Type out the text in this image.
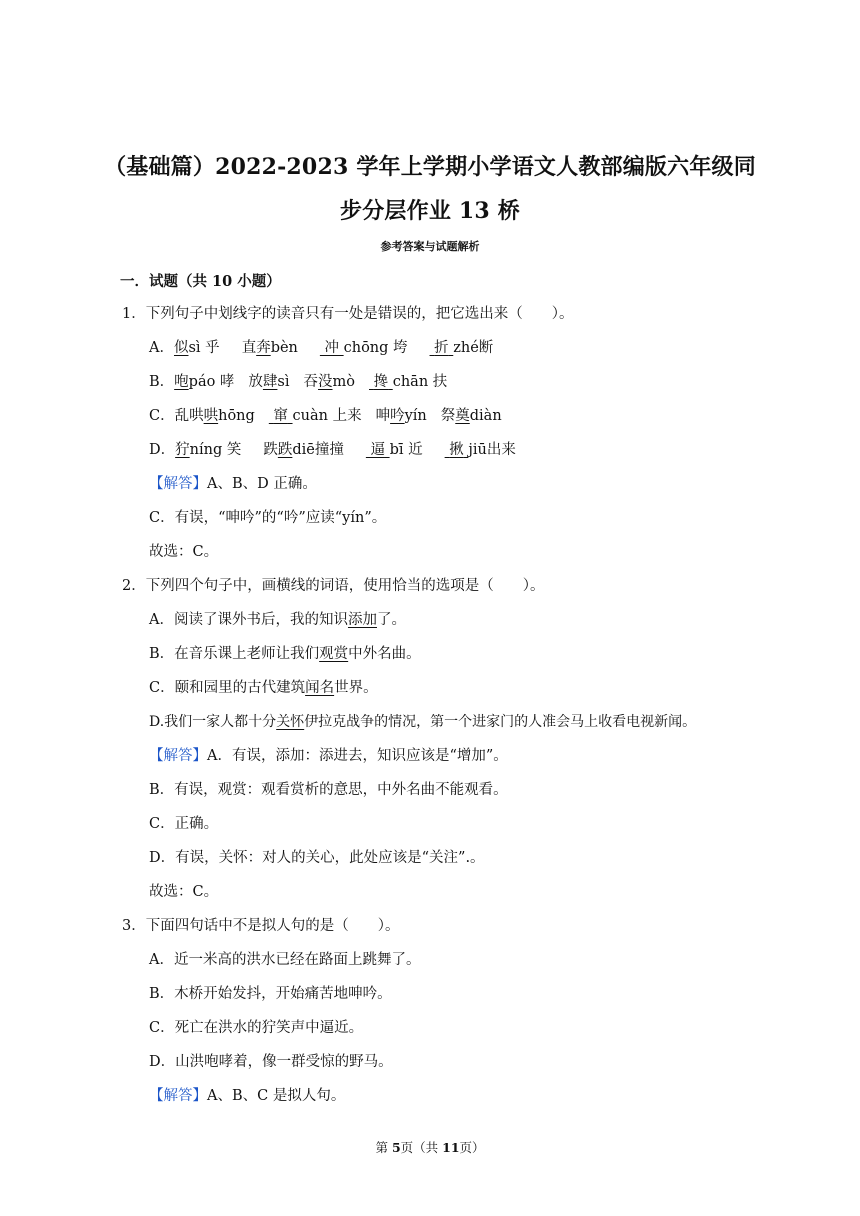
（基础篇）2022-2023 学年上学期小学语文人教部编版六年级同
步分层作业 13 桥
参考答案与试题解析
一．试题（共 10 小题）
1．下列句子中划线字的读音只有一处是错误的，把它选出来（　　）。
A．似sì 乎 直奔bèn 冲 chōng 垮 折 zhé断
B．咆páo 哮 放肆sì 吞没mò 搀 chān 扶
C．乱哄哄hōng 窜 cuàn 上来 呻吟yín 祭奠diàn
D．狞níng 笑 跌跌diē撞撞 逼 bī 近 揪 jiū出来
【解答】A、B、D 正确。
C．有误，“呻吟”的“吟”应读“yín”。
故选：C。
2．下列四个句子中，画横线的词语，使用恰当的选项是（　　）。
A．阅读了课外书后，我的知识添加了。
B．在音乐课上老师让我们观赏中外名曲。
C．颐和园里的古代建筑闻名世界。
D.我们一家人都十分关怀伊拉克战争的情况，第一个进家门的人准会马上收看电视新闻。
【解答】A．有误，添加：添进去，知识应该是“增加”。
B．有误，观赏：观看赏析的意思，中外名曲不能观看。
C．正确。
D．有误，关怀：对人的关心，此处应该是“关注”.。
故选：C。
3．下面四句话中不是拟人句的是（　　）。
A．近一米高的洪水已经在路面上跳舞了。
B．木桥开始发抖，开始痛苦地呻吟。
C．死亡在洪水的狞笑声中逼近。
D．山洪咆哮着，像一群受惊的野马。
【解答】A、B、C 是拟人句。
第 5页（共 11页）
